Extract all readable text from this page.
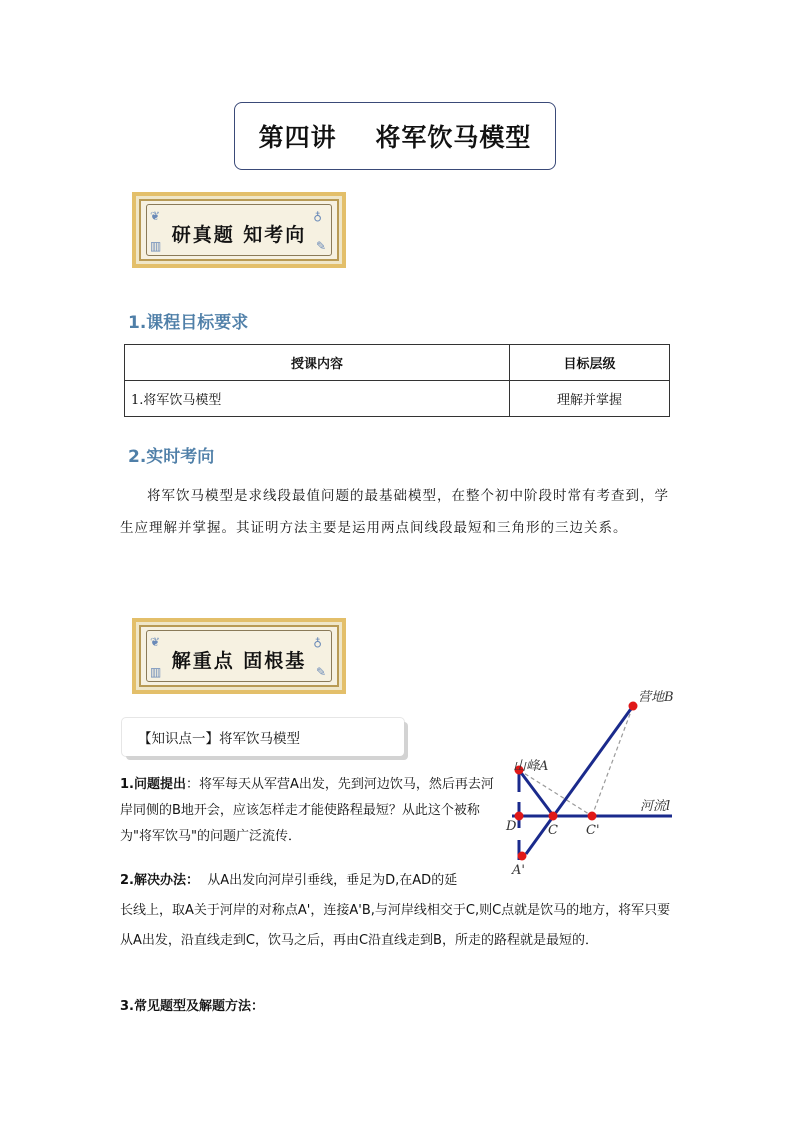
第四讲    将军饮马模型
❦	♁
▥	✎
研真题 知考向
1.课程目标要求
授课内容	目标层级
1.将军饮马模型	理解并掌握
2.实时考向
将军饮马模型是求线段最值问题的最基础模型，在整个初中阶段时常有考查到，学生应理解并掌握。其证明方法主要是运用两点间线段最短和三角形的三边关系。
❦	♁
▥	✎
解重点 固根基
【知识点一】将军饮马模型
1.问题提出：将军每天从军营A出发，先到河边饮马，然后再去河岸同侧的B地开会，应该怎样走才能使路程最短？从此这个被称为"将军饮马"的问题广泛流传．
2.解决办法： 从A出发向河岸引垂线，垂足为D,在AD的延
长线上，取A关于河岸的对称点A'，连接A'B,与河岸线相交于C,则C点就是饮马的地方，将军只要从A出发，沿直线走到C，饮马之后，再由C沿直线走到B，所走的路程就是最短的．
3.常见题型及解题方法：
营地B
山峰A
河流l
D C C'
A'
